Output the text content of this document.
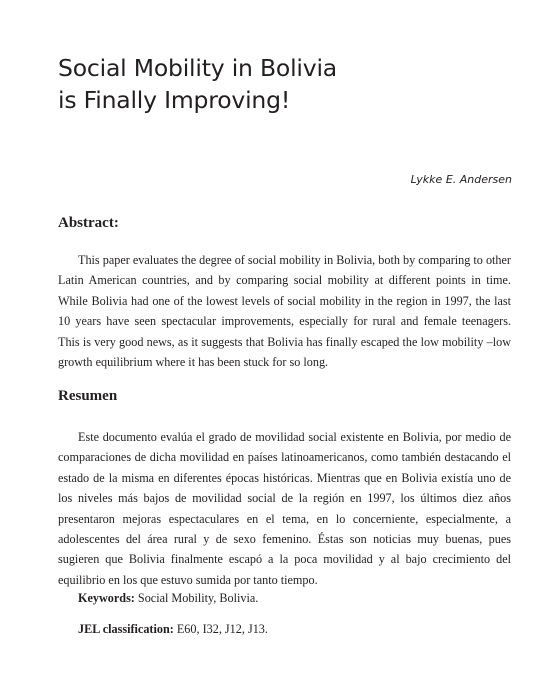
Social Mobility in Bolivia
is Finally Improving!
Lykke E. Andersen
Abstract:

This paper evaluates the degree of social mobility in Bolivia, both by comparing to other Latin American countries, and by comparing social mobility at different points in time. While Bolivia had one of the lowest levels of social mobility in the region in 1997, the last 10 years have seen spectacular improvements, especially for rural and female teenagers. This is very good news, as it suggests that Bolivia has finally escaped the low mobility –low growth equilibrium where it has been stuck for so long.

Resumen

Este documento evalúa el grado de movilidad social existente en Bolivia, por medio de comparaciones de dicha movilidad en países latinoamericanos, como también destacando el estado de la misma en diferentes épocas históricas. Mientras que en Bolivia existía uno de los niveles más bajos de movilidad social de la región en 1997, los últimos diez años presentaron mejoras espectaculares en el tema, en lo concerniente, especialmente, a adolescentes del área rural y de sexo femenino. Éstas son noticias muy buenas, pues sugieren que Bolivia finalmente escapó a la poca movilidad y al bajo crecimiento del equilibrio en los que estuvo sumida por tanto tiempo.

Keywords: Social Mobility, Bolivia.

JEL classification: E60, I32, J12, J13.
